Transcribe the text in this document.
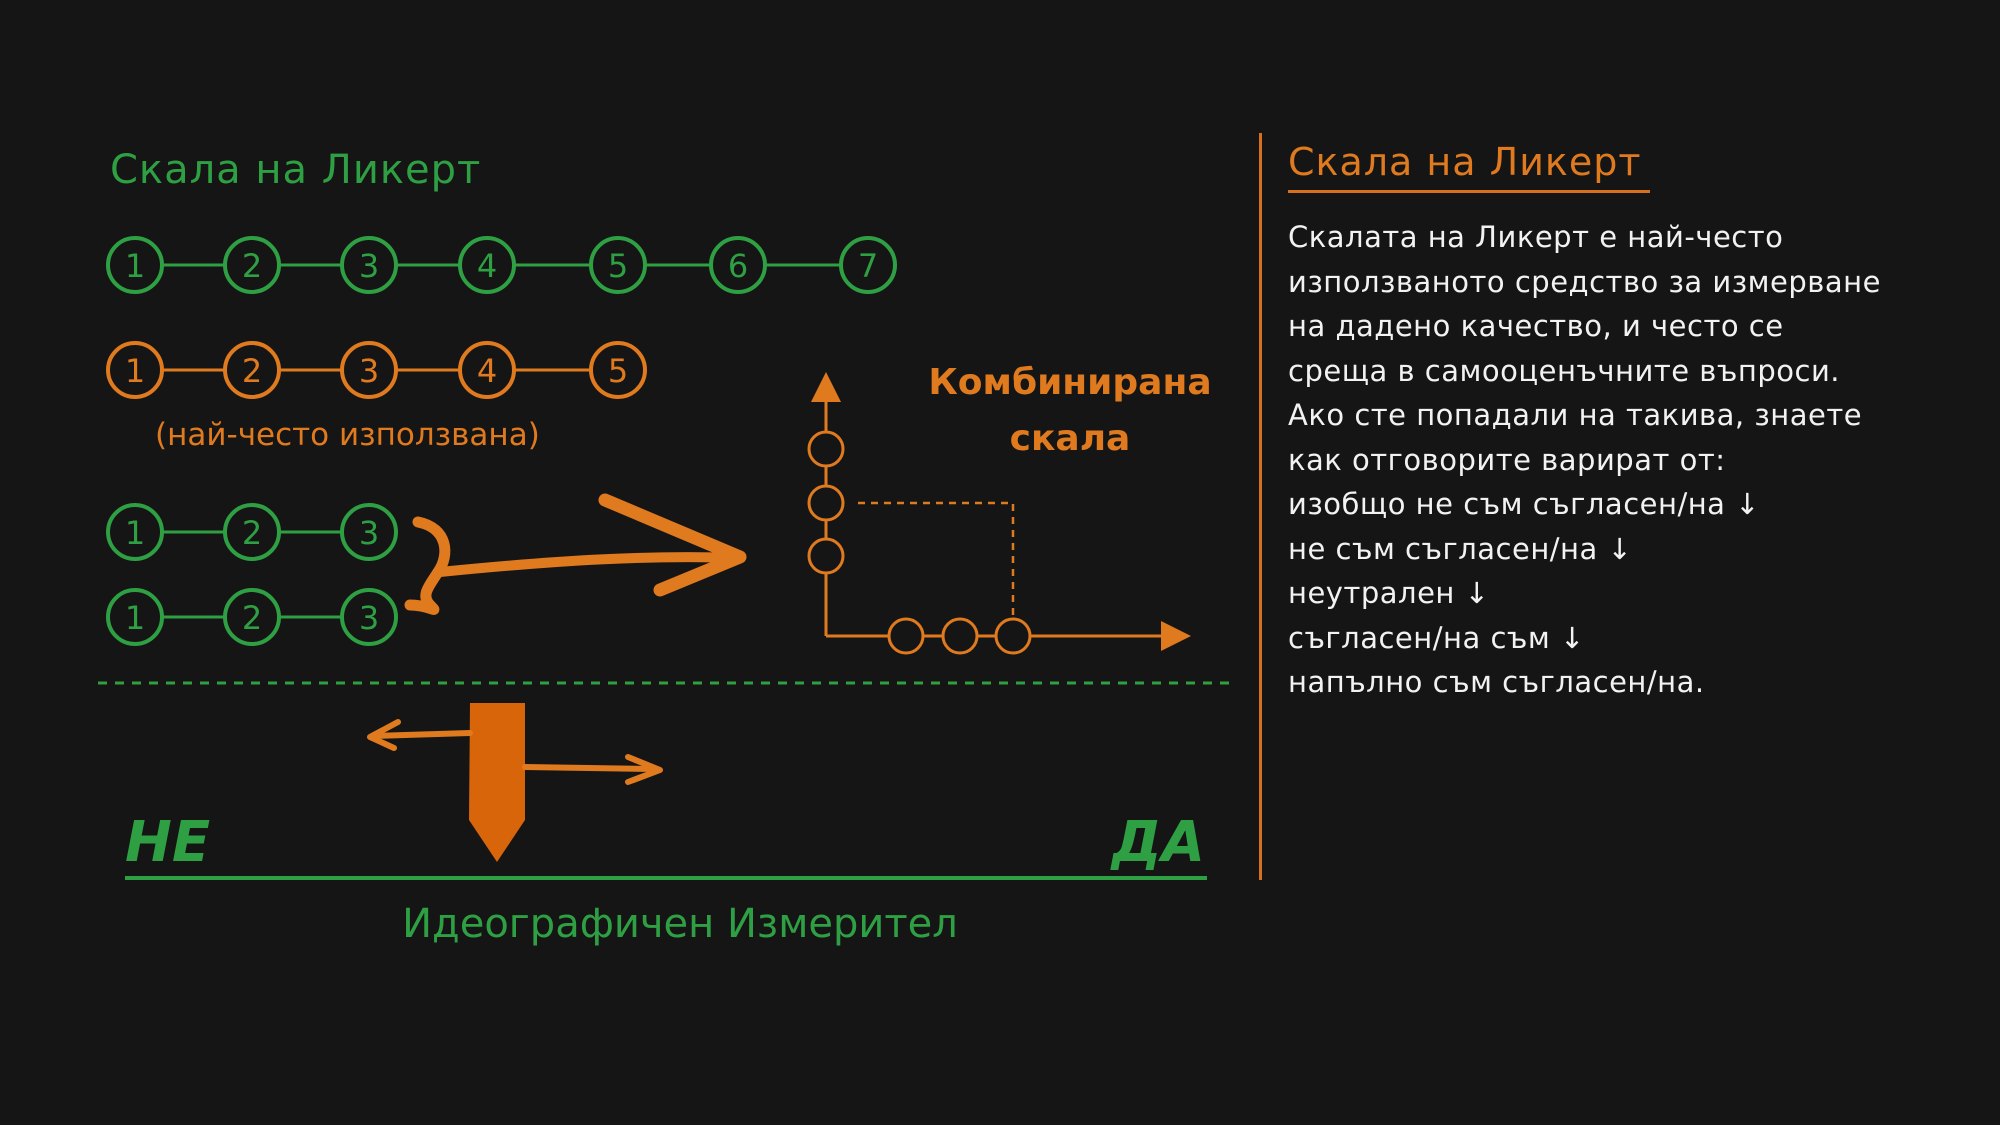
Скала на Ликерт
1	2	3	4	5	6	7
1	2	3	4	5
(най-често използвана)
1	2	3
1	2	3
Комбинирана
скала
НЕ	ДА
Идеографичен Измерител
Скала на Ликерт
Скалата на Ликерт е най-често
използваното средство за измерване
на дадено качество, и често се
среща в самооценъчните въпроси.
Ако сте попадали на такива, знаете
как отговорите варират от:
изобщо не съм съгласен/на ↓
не съм съгласен/на ↓
неутрален ↓
съгласен/на съм ↓
напълно съм съгласен/на.
